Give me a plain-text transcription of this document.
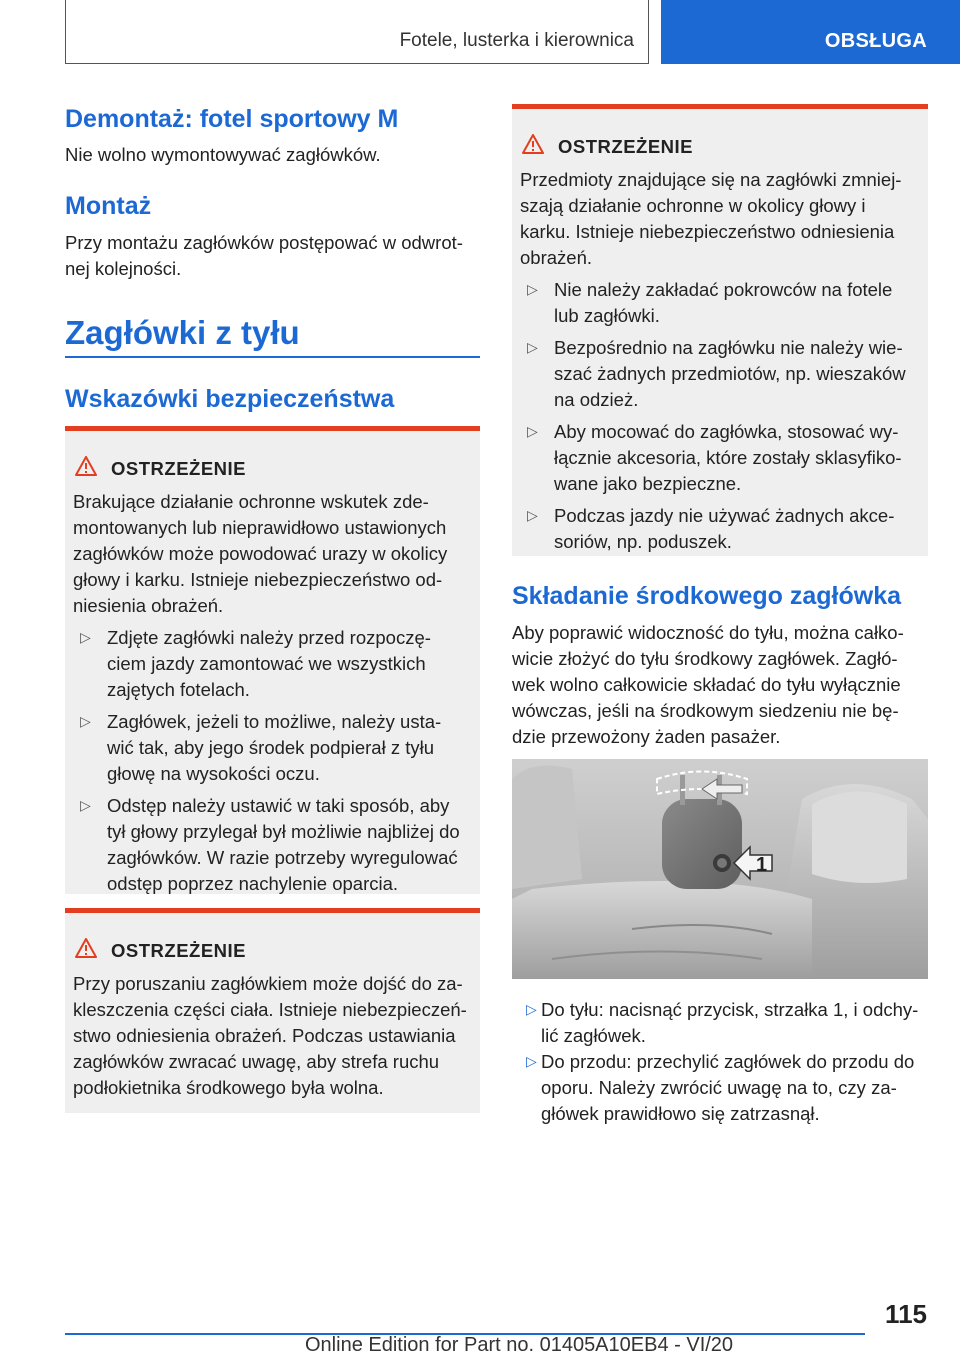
Fotele, lusterka i kierownica	OBSŁUGA
Demontaż: fotel sportowy M
Nie wolno wymontowywać zagłówków.
Montaż
Przy montażu zagłówków postępować w odwrot‐
nej kolejności.
Zagłówki z tyłu
Wskazówki bezpieczeństwa
OSTRZEŻENIE
Brakujące działanie ochronne wskutek zde‐
montowanych lub nieprawidłowo ustawionych
zagłówków może powodować urazy w okolicy
głowy i karku. Istnieje niebezpieczeństwo od‐
niesienia obrażeń.
▷ Zdjęte zagłówki należy przed rozpoczę‐
ciem jazdy zamontować we wszystkich
zajętych fotelach.
▷ Zagłówek, jeżeli to możliwe, należy usta‐
wić tak, aby jego środek podpierał z tyłu
głowę na wysokości oczu.
▷ Odstęp należy ustawić w taki sposób, aby
tył głowy przylegał był możliwie najbliżej do
zagłówków. W razie potrzeby wyregulować
odstęp poprzez nachylenie oparcia.
OSTRZEŻENIE
Przy poruszaniu zagłówkiem może dojść do za‐
kleszczenia części ciała. Istnieje niebezpieczeń‐
stwo odniesienia obrażeń. Podczas ustawiania
zagłówków zwracać uwagę, aby strefa ruchu
podłokietnika środkowego była wolna.
OSTRZEŻENIE
Przedmioty znajdujące się na zagłówki zmniej‐
szają działanie ochronne w okolicy głowy i
karku. Istnieje niebezpieczeństwo odniesienia
obrażeń.
▷ Nie należy zakładać pokrowców na fotele
lub zagłówki.
▷ Bezpośrednio na zagłówku nie należy wie‐
szać żadnych przedmiotów, np. wieszaków
na odzież.
▷ Aby mocować do zagłówka, stosować wy‐
łącznie akcesoria, które zostały sklasyfiko‐
wane jako bezpieczne.
▷ Podczas jazdy nie używać żadnych akce‐
soriów, np. poduszek.
Składanie środkowego zagłówka
Aby poprawić widoczność do tyłu, można całko‐
wicie złożyć do tyłu środkowy zagłówek. Zagłó‐
wek wolno całkowicie składać do tyłu wyłącznie
wówczas, jeśli na środkowym siedzeniu nie bę‐
dzie przewożony żaden pasażer.
1
▷ Do tyłu: nacisnąć przycisk, strzałka 1, i odchy‐
lić zagłówek.
▷ Do przodu: przechylić zagłówek do przodu do
oporu. Należy zwrócić uwagę na to, czy za‐
główek prawidłowo się zatrzasnął.
115
Online Edition for Part no. 01405A10EB4 - VI/20
